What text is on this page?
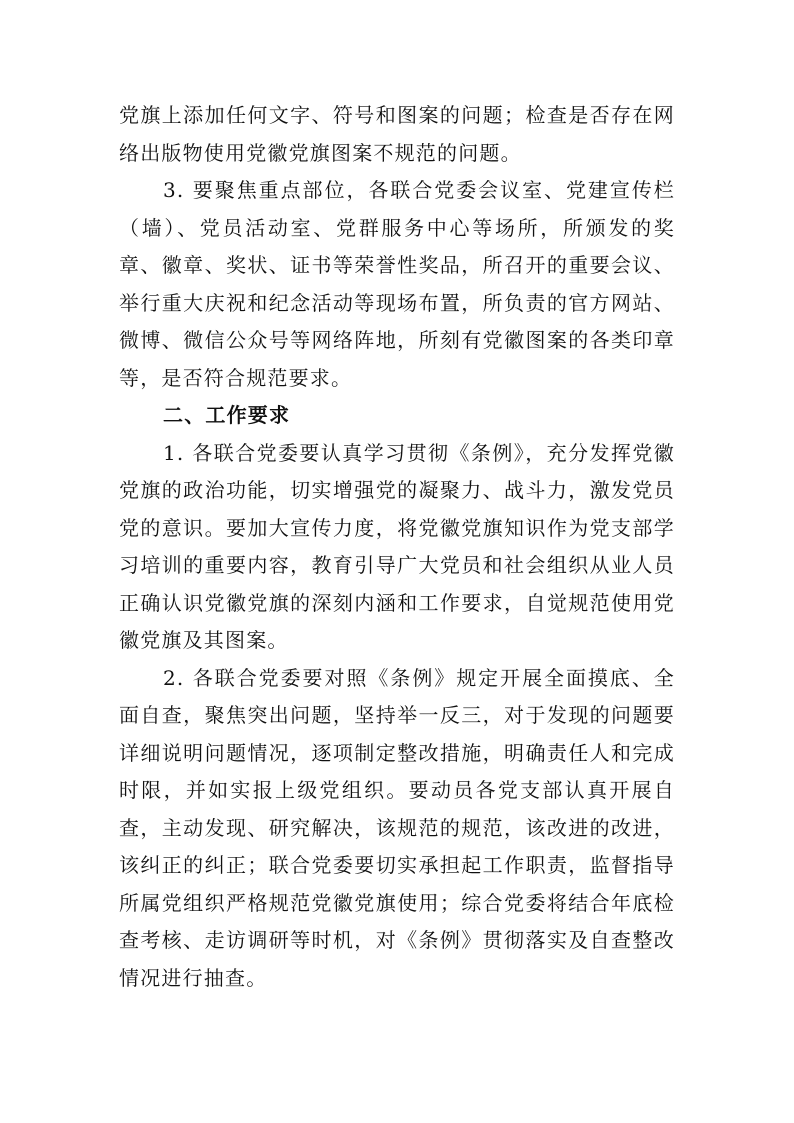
党旗上添加任何文字、符号和图案的问题；检查是否存在网络出版物使用党徽党旗图案不规范的问题。

3. 要聚焦重点部位，各联合党委会议室、党建宣传栏（墙）、党员活动室、党群服务中心等场所，所颁发的奖章、徽章、奖状、证书等荣誉性奖品，所召开的重要会议、举行重大庆祝和纪念活动等现场布置，所负责的官方网站、微博、微信公众号等网络阵地，所刻有党徽图案的各类印章等，是否符合规范要求。

二、工作要求

1. 各联合党委要认真学习贯彻《条例》，充分发挥党徽党旗的政治功能，切实增强党的凝聚力、战斗力，激发党员党的意识。要加大宣传力度，将党徽党旗知识作为党支部学习培训的重要内容，教育引导广大党员和社会组织从业人员正确认识党徽党旗的深刻内涵和工作要求，自觉规范使用党徽党旗及其图案。

2. 各联合党委要对照《条例》规定开展全面摸底、全面自查，聚焦突出问题，坚持举一反三，对于发现的问题要详细说明问题情况，逐项制定整改措施，明确责任人和完成时限，并如实报上级党组织。要动员各党支部认真开展自查，主动发现、研究解决，该规范的规范，该改进的改进，该纠正的纠正；联合党委要切实承担起工作职责，监督指导所属党组织严格规范党徽党旗使用；综合党委将结合年底检查考核、走访调研等时机，对《条例》贯彻落实及自查整改情况进行抽查。
